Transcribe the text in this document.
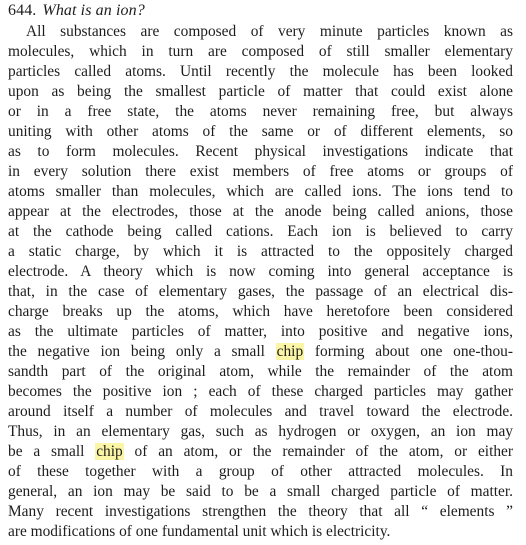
644. What is an ion?
All substances are composed of very minute particles known as
molecules, which in turn are composed of still smaller elementary
particles called atoms. Until recently the molecule has been looked
upon as being the smallest particle of matter that could exist alone
or in a free state, the atoms never remaining free, but always
uniting with other atoms of the same or of different elements, so
as to form molecules. Recent physical investigations indicate that
in every solution there exist members of free atoms or groups of
atoms smaller than molecules, which are called ions. The ions tend to
appear at the electrodes, those at the anode being called anions, those
at the cathode being called cations. Each ion is believed to carry
a static charge, by which it is attracted to the oppositely charged
electrode. A theory which is now coming into general acceptance is
that, in the case of elementary gases, the passage of an electrical dis-
charge breaks up the atoms, which have heretofore been considered
as the ultimate particles of matter, into positive and negative ions,
the negative ion being only a small chip forming about one one-thou-
sandth part of the original atom, while the remainder of the atom
becomes the positive ion ; each of these charged particles may gather
around itself a number of molecules and travel toward the electrode.
Thus, in an elementary gas, such as hydrogen or oxygen, an ion may
be a small chip of an atom, or the remainder of the atom, or either
of these together with a group of other attracted molecules. In
general, an ion may be said to be a small charged particle of matter.
Many recent investigations strengthen the theory that all “ elements ”
are modifications of one fundamental unit which is electricity.
